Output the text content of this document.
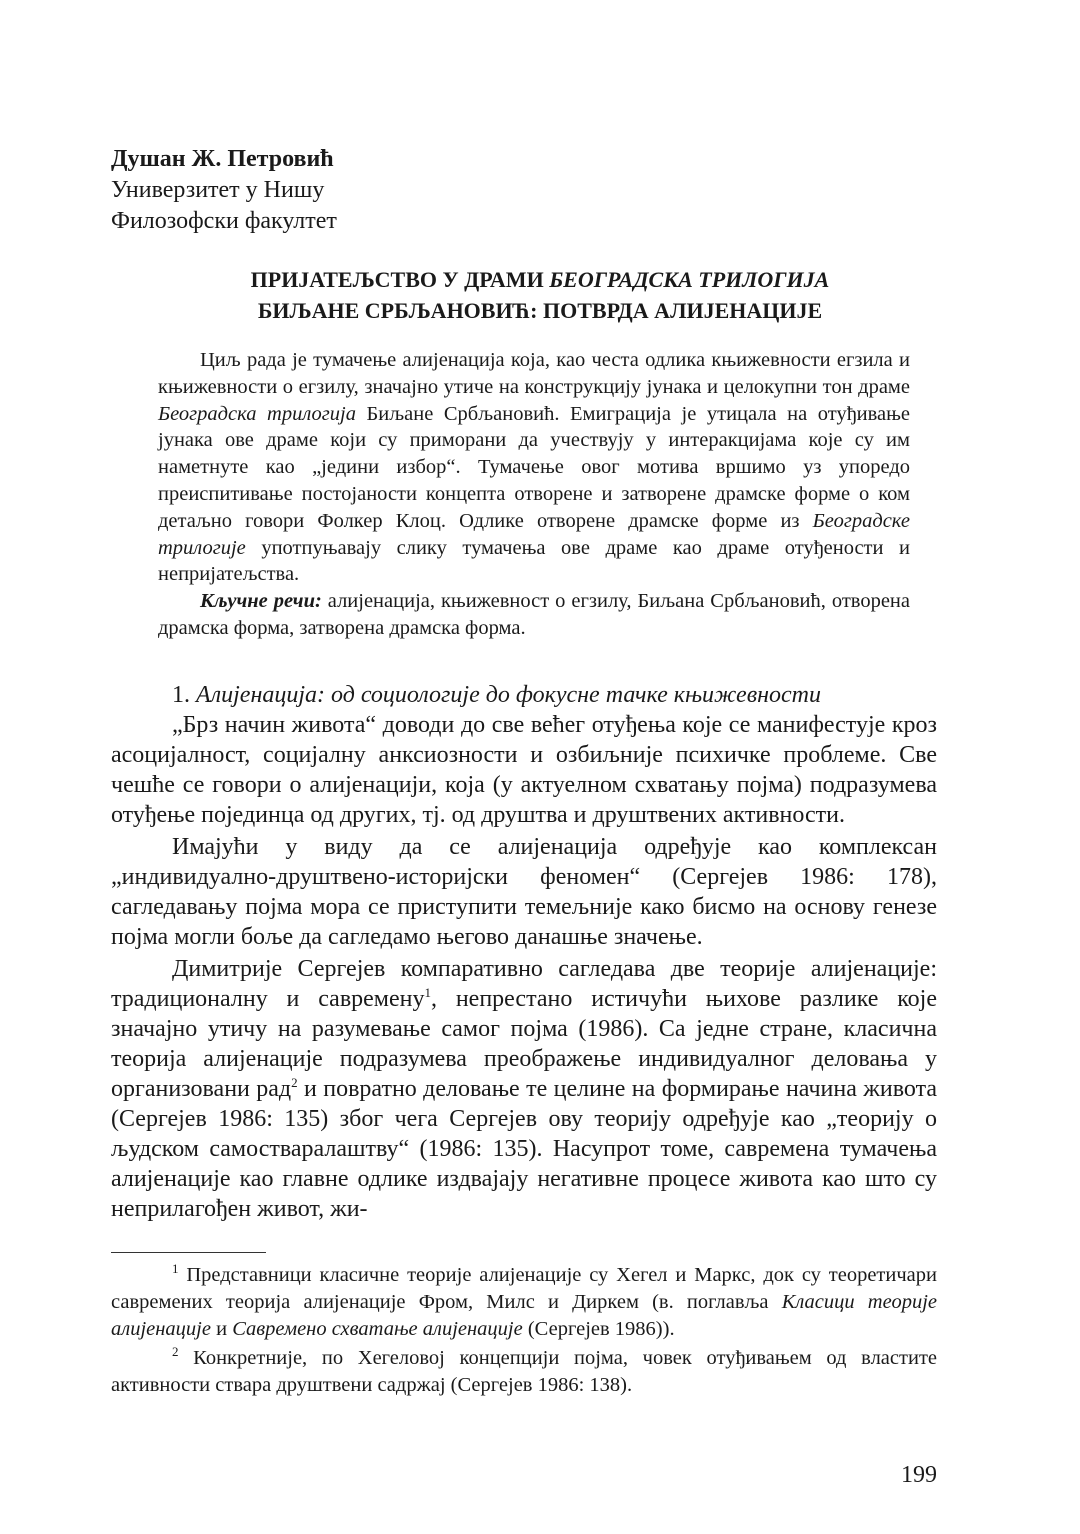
Душан Ж. Петровић
Универзитет у Нишу
Филозофски факултет
ПРИЈАТЕЉСТВО У ДРАМИ БЕОГРАДСКА ТРИЛОГИЈА
БИЉАНЕ СРБЉАНОВИЋ: ПОТВРДА АЛИЈЕНАЦИЈЕ

Циљ рада је тумачење алијенација која, као честа одлика књижевности егзила и књижевности о егзилу, значајно утиче на конструкцију јунака и целокупни тон драме Београдска трилогија Биљане Србљановић. Емиграција је утицала на отуђивање јунака ове драме који су приморани да учествују у интеракцијама које су им наметнуте као „једини избор“. Тумачење овог мотива вршимо уз упоредо преиспитивање постојаности концепта отворене и затворене драмске форме о ком детаљно говори Фолкер Клоц. Одлике отворене драмске форме из Београдске трилогије употпуњавају слику тумачења ове драме као драме отуђености и непријатељства.

Кључне речи: алијенација, књижевност о егзилу, Биљана Србљановић, отворена драмска форма, затворена драмска форма.

1. Алијенација: од социологије до фокусне тачке књижевности

„Брз начин живота“ доводи до све већег отуђења које се манифестује кроз асоцијалност, социјалну анксиозности и озбиљније психичке проблеме. Све чешће се говори о алијенацији, која (у актуелном схватању појма) подразумева отуђење појединца од других, тј. од друштва и друштвених активности.

Имајући у виду да се алијенација одређује као комплексан „индивидуално-друштвено-историјски феномен“ (Сергејев 1986: 178), сагледавању појма мора се приступити темељније како бисмо на основу генезе појма могли боље да сагледамо његово данашње значење.

Димитрије Сергејев компаративно сагледава две теорије алијенације: традиционалну и савремену$^1$, непрестано истичући њихове разлике које значајно утичу на разумевање самог појма (1986). Са једне стране, класична теорија алијенације подразумева преображење индивидуалног деловања у организовани рад$^2$ и повратно деловање те целине на формирање начина живота (Сергејев 1986: 135) због чега Сергејев ову теорију одређује као „теорију о људском самостваралаштву“ (1986: 135). Насупрот томе, савремена тумачења алијенације као главне одлике издвајају негативне процесе живота као што су неприлагођен живот, жи-

$^1$ Представници класичне теорије алијенације су Хегел и Маркс, док су теоретичари савремених теорија алијенације Фром, Милс и Диркем (в. поглавља Класици теорије алијенације и Савремено схватање алијенације (Сергејев 1986)).

$^2$ Конкретније, по Хегеловој концепцији појма, човек отуђивањем од властите активности ствара друштвени садржај (Сергејев 1986: 138).

199
